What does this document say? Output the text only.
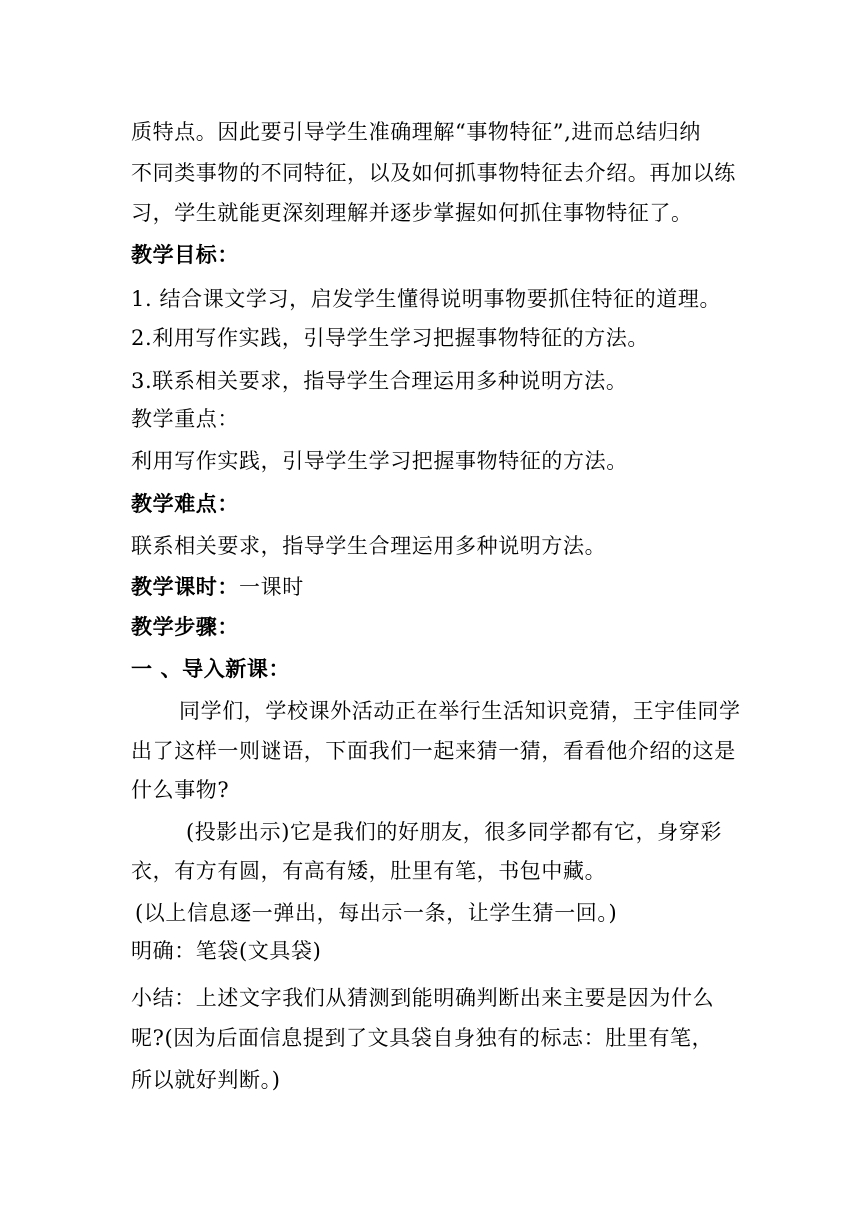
质特点。因此要引导学生准确理解“事物特征”,进而总结归纳
不同类事物的不同特征，以及如何抓事物特征去介绍。再加以练
习，学生就能更深刻理解并逐步掌握如何抓住事物特征了。
教学目标：
1. 结合课文学习，启发学生懂得说明事物要抓住特征的道理。
2.利用写作实践，引导学生学习把握事物特征的方法。
3.联系相关要求，指导学生合理运用多种说明方法。
教学重点：
利用写作实践，引导学生学习把握事物特征的方法。
教学难点：
联系相关要求，指导学生合理运用多种说明方法。
教学课时：一课时
教学步骤：
一 、导入新课：
同学们，学校课外活动正在举行生活知识竞猜，王宇佳同学
出了这样一则谜语，下面我们一起来猜一猜，看看他介绍的这是
什么事物?
(投影出示)它是我们的好朋友，很多同学都有它，身穿彩
衣，有方有圆，有高有矮，肚里有笔，书包中藏。
(以上信息逐一弹出，每出示一条，让学生猜一回。)
明确：笔袋(文具袋)
小结：上述文字我们从猜测到能明确判断出来主要是因为什么
呢?(因为后面信息提到了文具袋自身独有的标志：肚里有笔，
所以就好判断。)
